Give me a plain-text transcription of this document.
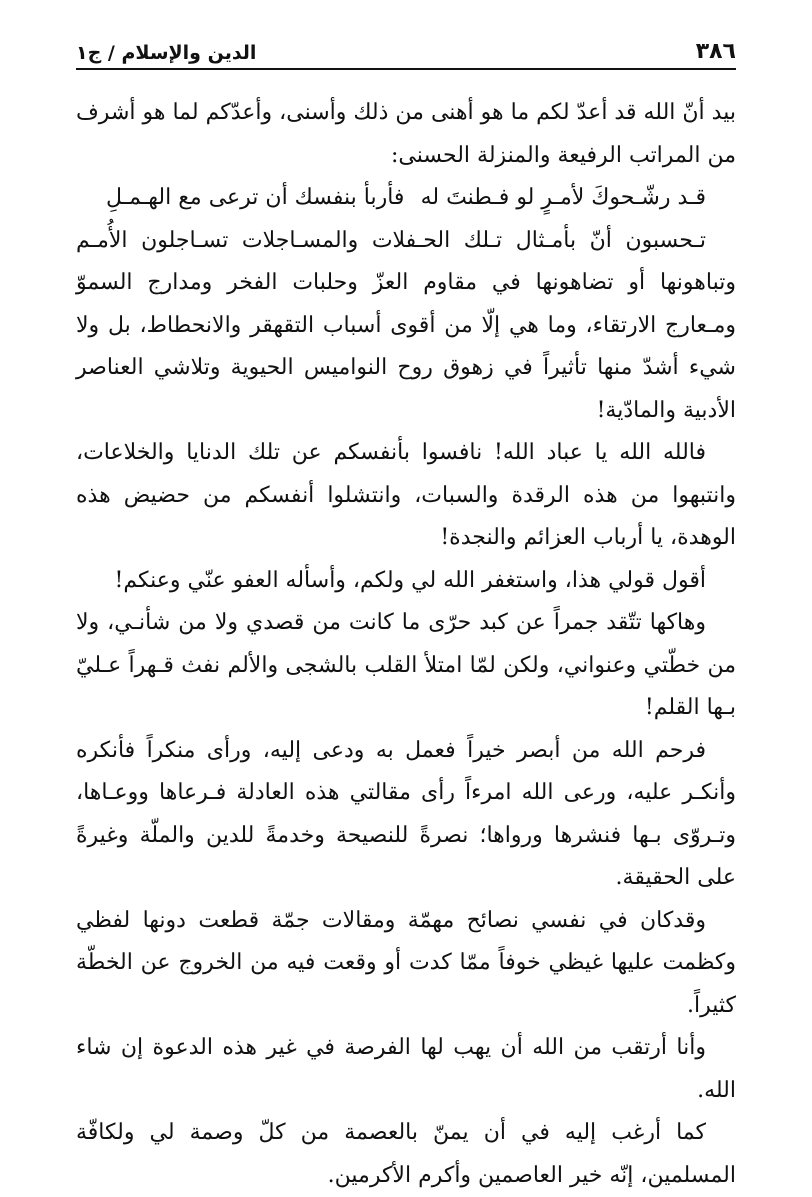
٣٨٦
الدين والإسلام / ج١

بيد أنّ الله قد أعدّ لكم ما هو أهنى من ذلك وأسنى، وأعدّكم لما هو أشرف من المراتب الرفيعة والمنزلة الحسنى:

قـد رشّـحوكَ لأمـرٍ لو فـطنتَ له
فأربأ بنفسك أن ترعى مع الهـمـلِ

تـحسبون أنّ بأمـثال تـلك الحـفلات والمسـاجلات تسـاجلون الأُمـم وتباهونها أو تضاهونها في مقاوم العزّ وحلبات الفخر ومدارج السموّ ومـعارج الارتقاء، وما هي إلّا من أقوى أسباب التقهقر والانحطاط، بل ولا شيء أشدّ منها تأثيراً في زهوق روح النواميس الحيوية وتلاشي العناصر الأدبية والمادّية!

فالله الله يا عباد الله! نافسوا بأنفسكم عن تلك الدنايا والخلاعات، وانتبهوا من هذه الرقدة والسبات، وانتشلوا أنفسكم من حضيض هذه الوهدة، يا أرباب العزائم والنجدة!

أقول قولي هذا، واستغفر الله لي ولكم، وأسأله العفو عنّي وعنكم!

وهاكها تتّقد جمراً عن كبد حرّى ما كانت من قصدي ولا من شأنـي، ولا من خطّتي وعنواني، ولكن لمّا امتلأ القلب بالشجى والألم نفث قـهراً عـليّ بـها القلم!

فرحم الله من أبصر خيراً فعمل به ودعى إليه، ورأى منكراً فأنكره وأنكـر عليه، ورعى الله امرءاً رأى مقالتي هذه العادلة فـرعاها ووعـاها، وتـروّى بـها فنشرها ورواها؛ نصرةً للنصيحة وخدمةً للدين والملّة وغيرةً على الحقيقة.

وقدكان في نفسي نصائح مهمّة ومقالات جمّة قطعت دونها لفظي وكظمت عليها غيظي خوفاً ممّا كدت أو وقعت فيه من الخروج عن الخطّة كثيراً.

وأنا أرتقب من الله أن يهب لها الفرصة في غير هذه الدعوة إن شاء الله.

كما أرغب إليه في أن يمنّ بالعصمة من كلّ وصمة لي ولكافّة المسلمين، إنّه خير العاصمين وأكرم الأكرمين.
